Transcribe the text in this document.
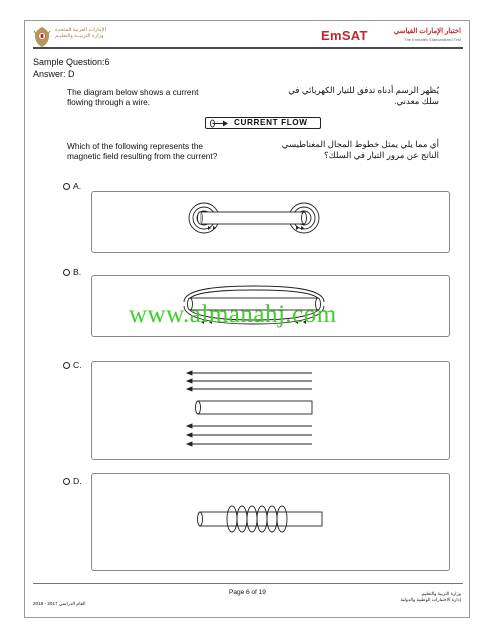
الإمارات العربية المتحدة
وزارة التربيــة والتعليـم	EmSAT	اختبار الإمارات القياسي
The Emirates Standardized Test
Sample Question:6
Answer: D
The diagram below shows a current
flowing through a wire.
يُظهر الرسم أدناه تدفق للتيار الكهربائي في
سلك معدني.
CURRENT FLOW
Which of the following represents the
magnetic field resulting from the current?
أي مما يلي يمثل خطوط المجال المغناطيسي
الناتج عن مرور التيار في السلك؟
A.
B.
C.
D.
www.almanahj.com
Page 6 of 19
العام الدراسي 2017 - 2018
وزارة التربية والتعليم
إدارة الاختبارات الوطنية والدولية
